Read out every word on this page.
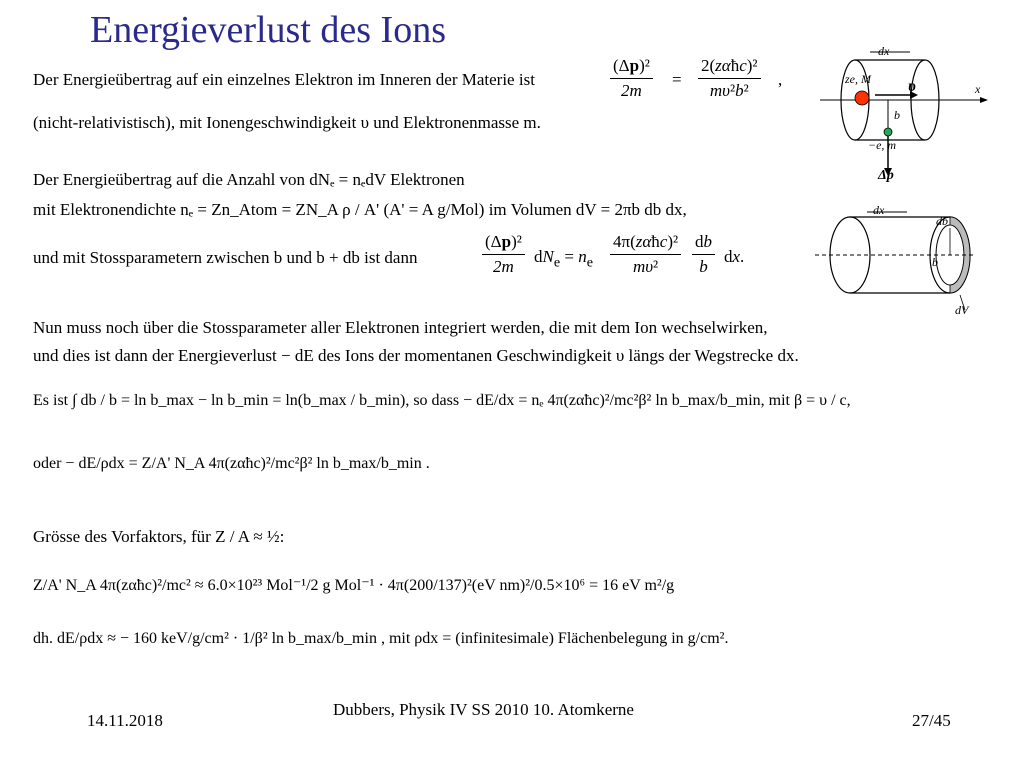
Energieverlust des Ions
Der Energieübertrag auf ein einzelnes Elektron im Inneren der Materie ist	$\frac{\text{(Δp)²}}{2m}$ =
2(zαħc)²
mυ²b²
,
(nicht-relativistisch), mit Ionengeschwindigkeit υ und Elektronenmasse m.
Der Energieübertrag auf die Anzahl von dNₑ = nₑdV Elektronen
mit Elektronendichte nₑ = Zn_Atom = ZN_A ρ / A' (A' = A g/Mol) im Volumen dV = 2πb db dx,
und mit Stossparametern zwischen b und b + db ist dann	$\frac{\text{(Δp)²}}{2m} dN_e = n_e$
4π(zαħc)²
mυ²	$\frac{db}{b}$ dx.
Nun muss noch über die Stossparameter aller Elektronen integriert werden, die mit dem Ion wechselwirken,
und dies ist dann der Energieverlust − dE des Ions der momentanen Geschwindigkeit υ längs der Wegstrecke dx.
Es ist ∫ db / b = ln b_max − ln b_min = ln(b_max / b_min), so dass − dE/dx = nₑ 4π(zαħc)²/mc²β² ln b_max/b_min, mit β = υ / c,
oder − dE/ρdx = Z/A' N_A 4π(zαħc)²/mc²β² ln b_max/b_min .
Grösse des Vorfaktors, für Z / A ≈ ½:
Z/A' N_A 4π(zαħc)²/mc² ≈ 6.0×10²³ Mol⁻¹/2 g Mol⁻¹ · 4π(200/137)²(eV nm)²/0.5×10⁶ = 16 eV m²/g
dh. dE/ρdx ≈ − 160 keV/g/cm² · 1/β² ln b_max/b_min , mit ρdx = (infinitesimale) Flächenbelegung in g/cm².
dx
ze, M υ	x
b
−e, m
Δp
dx
db
b
dV
14.11.2018
Dubbers, Physik IV SS 2010 10. Atomkerne 
27/45
